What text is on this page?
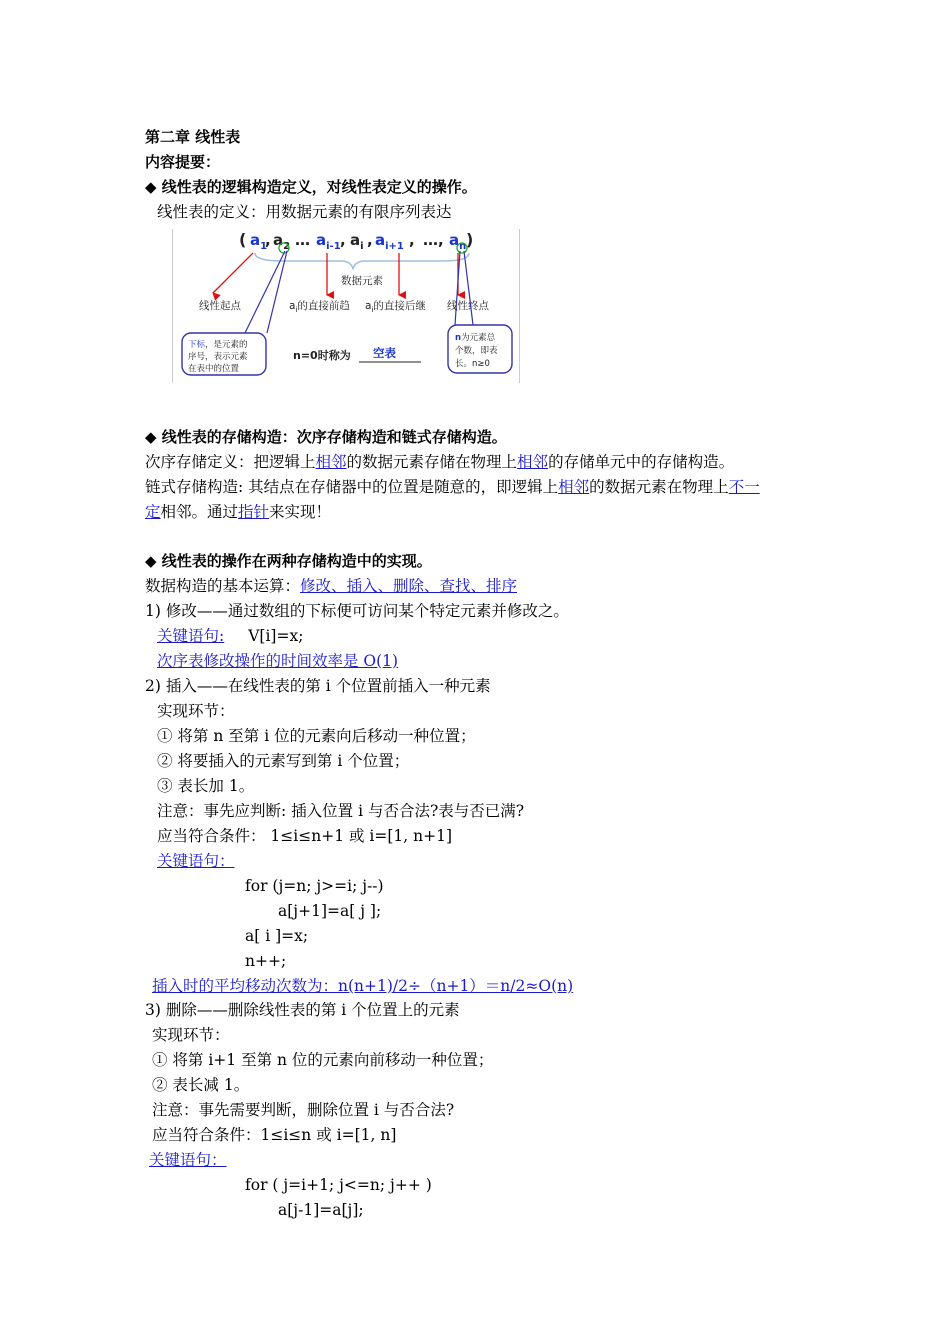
第二章 线性表
内容提要：
◆ 线性表的逻辑构造定义，对线性表定义的操作。
线性表的定义：用数据元素的有限序列表达
( $a_1$
, $a_2$ … $a_{i-1}$ , $a_i$ , $a_{i+1}$ , …, $a_n$ )
数据元素
线性起点	$a_i$的直接前趋 $a_i$的直接后继 线性终点
下标，是元素的
序号，表示元素
在表中的位置
n=0时称为 空表
n为元素总
个数，即表
长。n≥0
◆ 线性表的存储构造：次序存储构造和链式存储构造。
次序存储定义：把逻辑上相邻的数据元素存储在物理上相邻的存储单元中的存储构造。
链式存储构造: 其结点在存储器中的位置是随意的，即逻辑上相邻的数据元素在物理上不一
定相邻。通过指针来实现！
◆ 线性表的操作在两种存储构造中的实现。
数据构造的基本运算：修改、插入、删除、查找、排序
1) 修改——通过数组的下标便可访问某个特定元素并修改之。
关键语句: V[i]=x;
次序表修改操作的时间效率是 O(1)
2) 插入——在线性表的第 i 个位置前插入一种元素
实现环节：
① 将第 n 至第 i 位的元素向后移动一种位置；
② 将要插入的元素写到第 i 个位置；
③ 表长加 1。
注意：事先应判断: 插入位置 i 与否合法?表与否已满?
应当符合条件： 1≤i≤n+1 或 i=[1, n+1]
关键语句：
for (j=n; j>=i; j--)
a[j+1]=a[ j ];
a[ i ]=x;
n++;
插入时的平均移动次数为：n(n+1)/2÷（n+1）＝n/2≈O(n)
3) 删除——删除线性表的第 i 个位置上的元素
实现环节：
① 将第 i+1 至第 n 位的元素向前移动一种位置；
② 表长减 1。
注意：事先需要判断，删除位置 i 与否合法?
应当符合条件：1≤i≤n 或 i=[1, n]
关键语句：
for ( j=i+1; j<=n; j++ )
a[j-1]=a[j];
